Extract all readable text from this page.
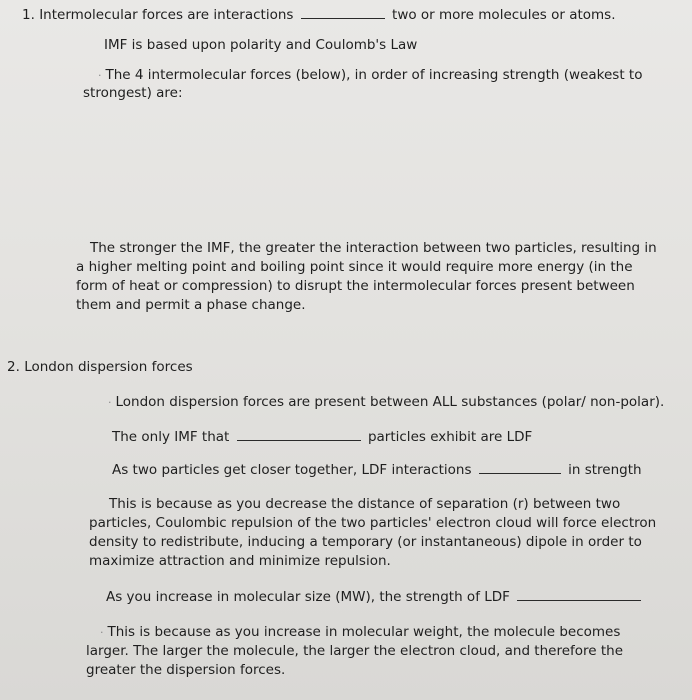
1. Intermolecular forces are interactions	two or more molecules or atoms.
IMF is based upon polarity and Coulomb's Law
· The 4 intermolecular forces (below), in order of increasing strength (weakest to
strongest) are:
The stronger the IMF, the greater the interaction between two particles, resulting in a higher melting point and boiling point since it would require more energy (in the form of heat or compression) to disrupt the intermolecular forces present between them and permit a phase change.
2. London dispersion forces
· London dispersion forces are present between ALL substances (polar/ non-polar).
The only IMF that	particles exhibit are LDF
As two particles get closer together, LDF interactions	in strength
This is because as you decrease the distance of separation (r) between two particles, Coulombic repulsion of the two particles' electron cloud will force electron density to redistribute, inducing a temporary (or instantaneous) dipole in order to maximize attraction and minimize repulsion.
As you increase in molecular size (MW), the strength of LDF
· This is because as you increase in molecular weight, the molecule becomes larger. The larger the molecule, the larger the electron cloud, and therefore the greater the dispersion forces.
